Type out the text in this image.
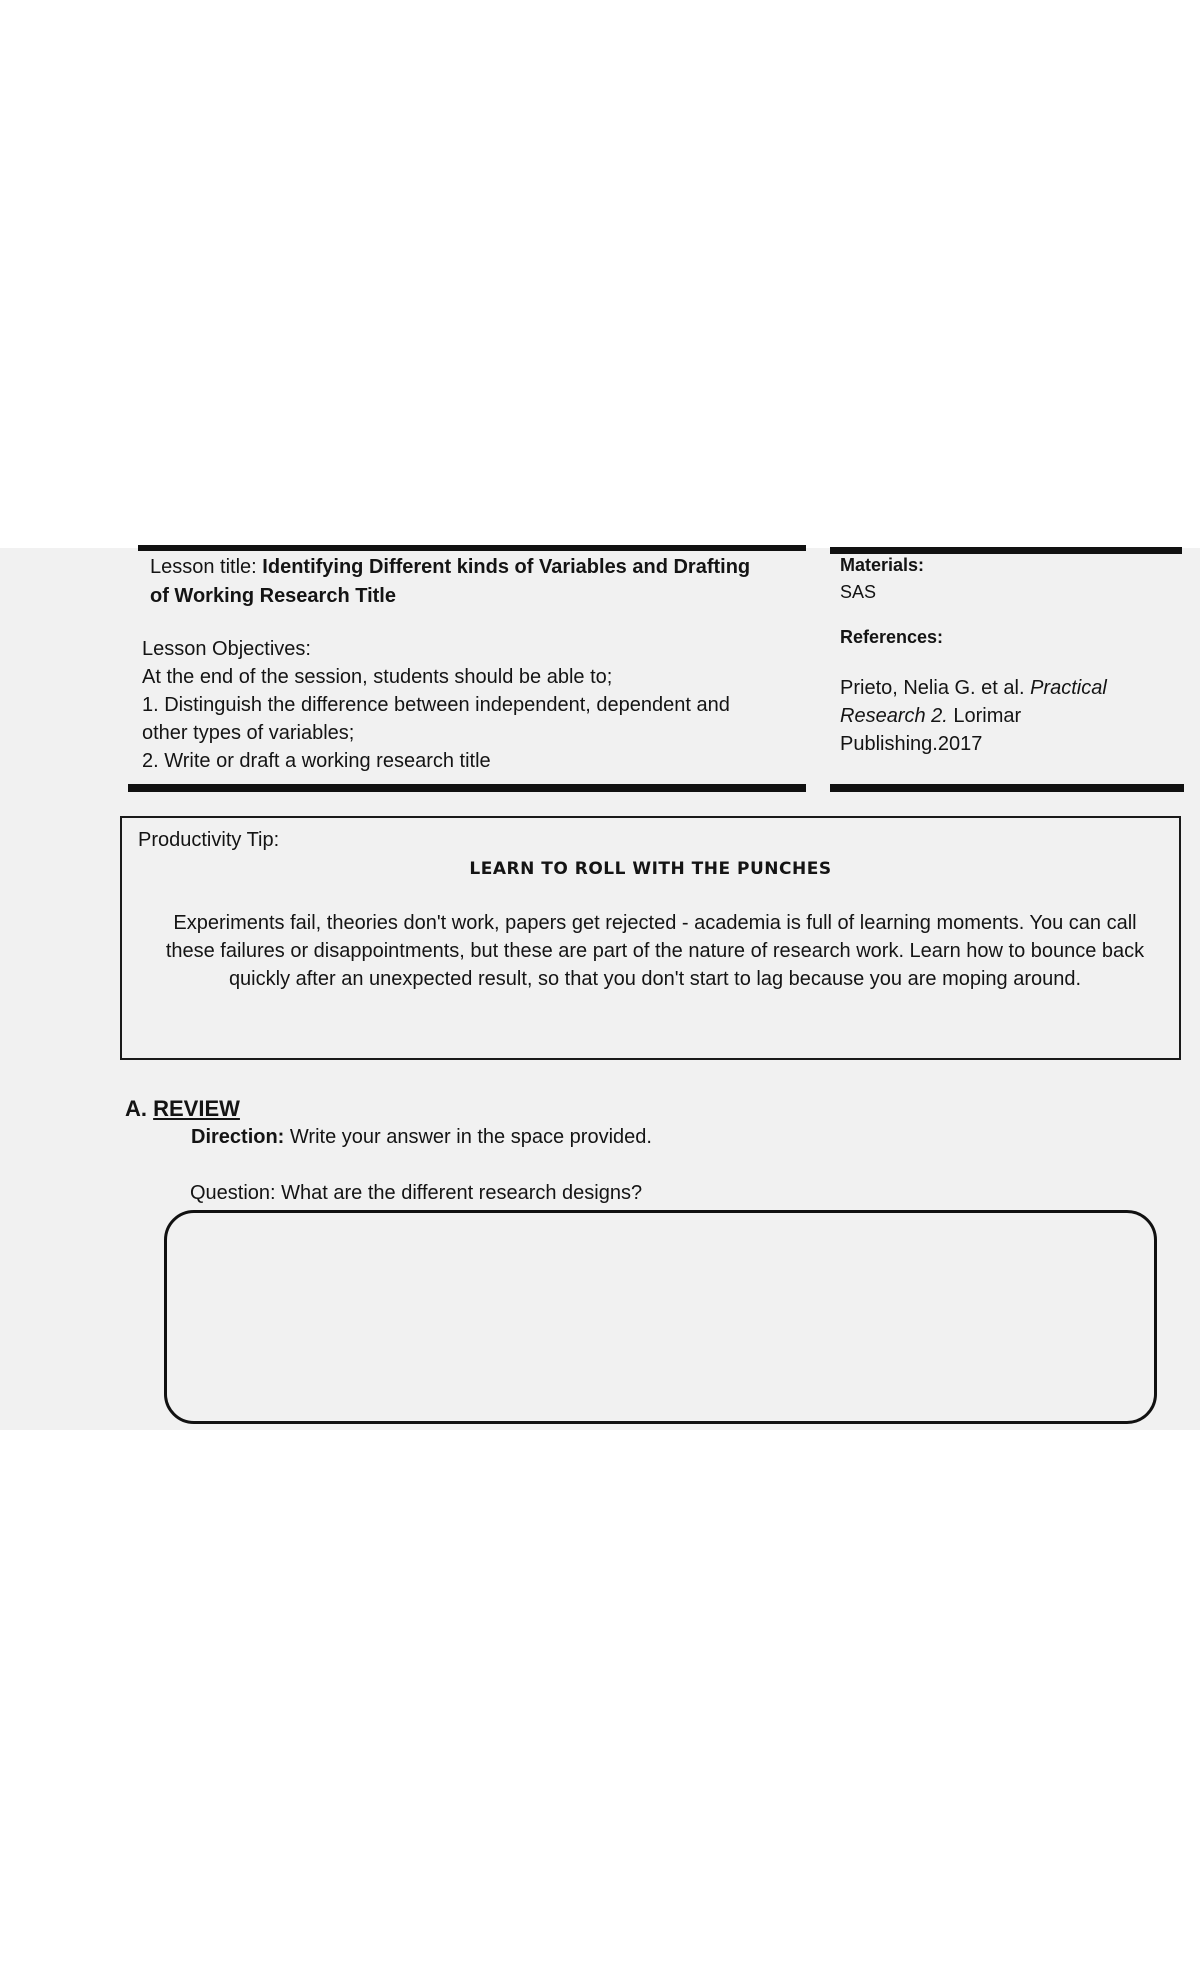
Lesson title: Identifying Different kinds of Variables and Drafting
of Working Research Title
Lesson Objectives:
At the end of the session, students should be able to;
1. Distinguish the difference between independent, dependent and
other types of variables;
2. Write or draft a working research title
Materials:
SAS
References:
Prieto, Nelia G. et al. Practical
Research 2. Lorimar
Publishing.2017
Productivity Tip:
LEARN TO ROLL WITH THE PUNCHES
Experiments fail, theories don't work, papers get rejected - academia is full of learning moments. You can call these failures or disappointments, but these are part of the nature of research work. Learn how to bounce back quickly after an unexpected result, so that you don't start to lag because you are moping around.
A. REVIEW
Direction: Write your answer in the space provided.
Question: What are the different research designs?
